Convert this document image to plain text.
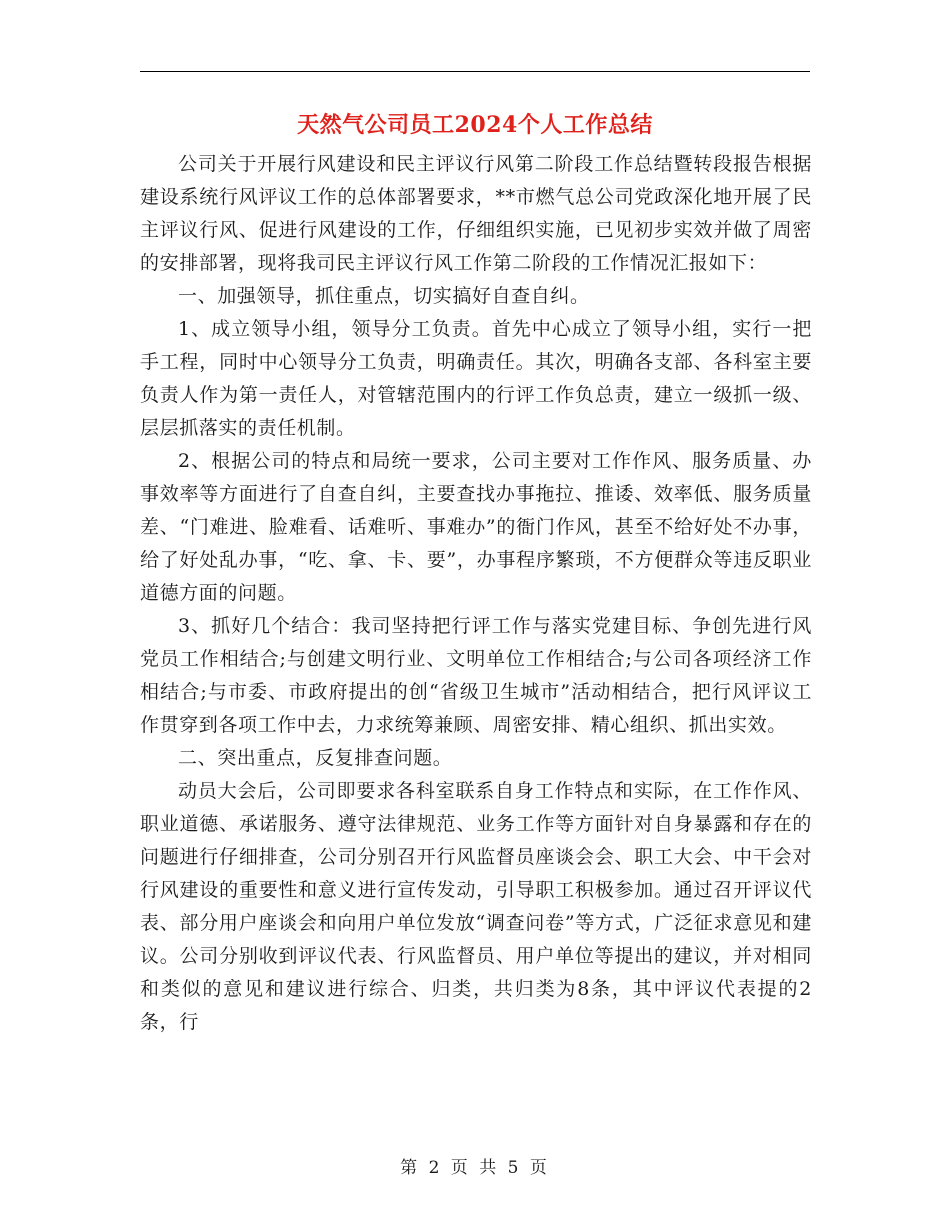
天然气公司员工2024个人工作总结

公司关于开展行风建设和民主评议行风第二阶段工作总结暨转段报告根据建设系统行风评议工作的总体部署要求，**市燃气总公司党政深化地开展了民主评议行风、促进行风建设的工作，仔细组织实施，已见初步实效并做了周密的安排部署，现将我司民主评议行风工作第二阶段的工作情况汇报如下：

一、加强领导，抓住重点，切实搞好自查自纠。

1、成立领导小组，领导分工负责。首先中心成立了领导小组，实行一把手工程，同时中心领导分工负责，明确责任。其次，明确各支部、各科室主要负责人作为第一责任人，对管辖范围内的行评工作负总责，建立一级抓一级、层层抓落实的责任机制。

2、根据公司的特点和局统一要求，公司主要对工作作风、服务质量、办事效率等方面进行了自查自纠，主要查找办事拖拉、推诿、效率低、服务质量差、“门难进、脸难看、话难听、事难办”的衙门作风，甚至不给好处不办事，给了好处乱办事，“吃、拿、卡、要”，办事程序繁琐，不方便群众等违反职业道德方面的问题。

3、抓好几个结合：我司坚持把行评工作与落实党建目标、争创先进行风党员工作相结合;与创建文明行业、文明单位工作相结合;与公司各项经济工作相结合;与市委、市政府提出的创“省级卫生城市”活动相结合，把行风评议工作贯穿到各项工作中去，力求统筹兼顾、周密安排、精心组织、抓出实效。

二、突出重点，反复排查问题。

动员大会后，公司即要求各科室联系自身工作特点和实际，在工作作风、职业道德、承诺服务、遵守法律规范、业务工作等方面针对自身暴露和存在的问题进行仔细排查，公司分别召开行风监督员座谈会会、职工大会、中干会对行风建设的重要性和意义进行宣传发动，引导职工积极参加。通过召开评议代表、部分用户座谈会和向用户单位发放“调查问卷”等方式，广泛征求意见和建议。公司分别收到评议代表、行风监督员、用户单位等提出的建议，并对相同和类似的意见和建议进行综合、归类，共归类为8条，其中评议代表提的2条，行

第 2 页 共 5 页
